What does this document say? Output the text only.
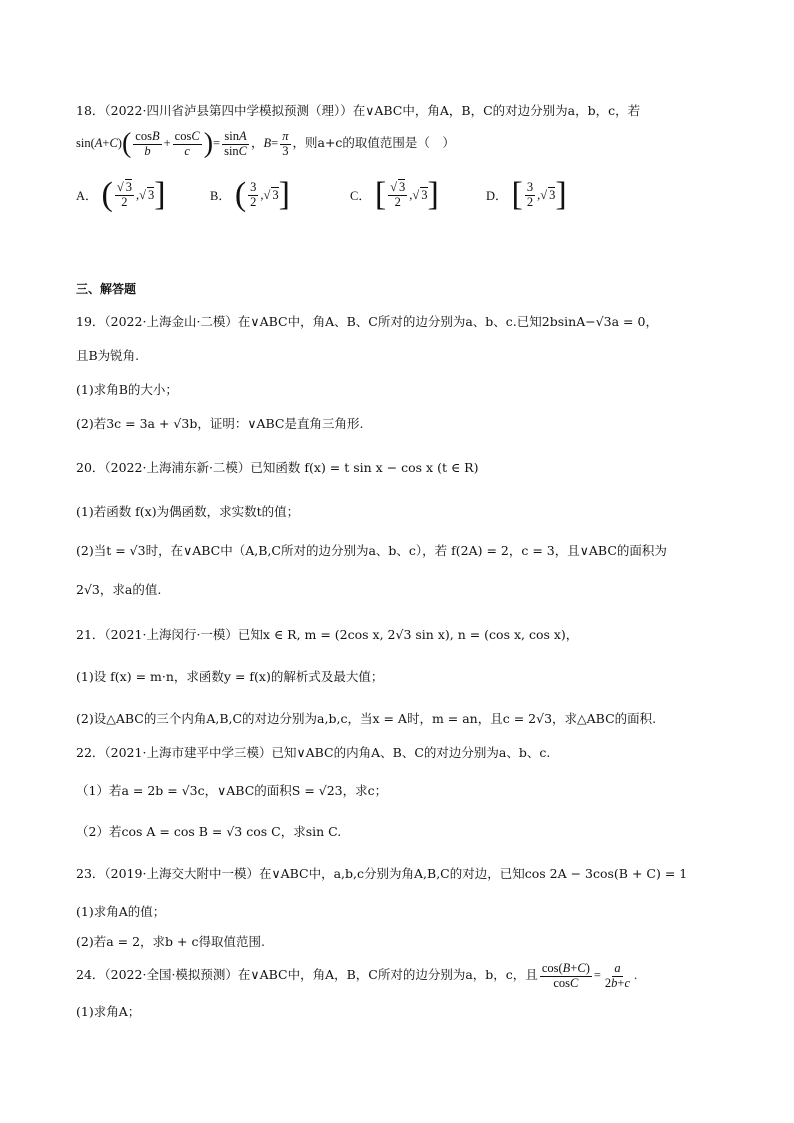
18．（2022·四川省泸县第四中学模拟预测（理））在∨ABC中，角A，B，C的对边分别为a，b，c，若
$\sin(A+C)( \frac{\cos B}{b} + \frac{\cos C}{c}$ )= $\frac{\sin A}{\sin C}$ ，$B= \frac{\pi}{3}$ ，则a+c的取值范围是（　）
A． ( $\frac{√ 3}{2}$ ,√ 3 ]	B． ( $\frac{3}{2}$ ,√ 3 ]	C． [ $\frac{√ 3}{2}$ ,√ 3 ]	D． [ $\frac{3}{2}$ ,√ 3 ]
三、解答题
19．（2022·上海金山·二模）在∨ABC中，角A、B、C所对的边分别为a、b、c.已知2bsinA−√3a = 0，
且B为锐角.
(1)求角B的大小；
(2)若3c = 3a + √3b，证明：∨ABC是直角三角形.
20．（2022·上海浦东新·二模）已知函数 f(x) = t sin x − cos x (t ∈ R)
(1)若函数 f(x)为偶函数，求实数t的值；
(2)当t = √3时，在∨ABC中（A,B,C所对的边分别为a、b、c），若 f(2A) = 2，c = 3，且∨ABC的面积为
2√3，求a的值.
21．（2021·上海闵行·一模）已知x ∈ R, m = (2cos x, 2√3 sin x), n = (cos x, cos x)，
(1)设 f(x) = m·n，求函数y = f(x)的解析式及最大值；
(2)设△ABC的三个内角A,B,C的对边分别为a,b,c，当x = A时，m = an，且c = 2√3，求△ABC的面积.
22．（2021·上海市建平中学三模）已知∨ABC的内角A、B、C的对边分别为a、b、c.
（1）若a = 2b = √3c，∨ABC的面积S = √23，求c；
（2）若cos A = cos B = √3 cos C，求sin C.
23．（2019·上海交大附中一模）在∨ABC中，a,b,c分别为角A,B,C的对边，已知cos 2A − 3cos(B + C) = 1
(1)求角A的值；
(2)若a = 2，求b + c得取值范围.
24．（2022·全国·模拟预测）在∨ABC中，角A，B，C所对的边分别为a，b，c，且 $\frac{\cos(B+C)}{\cos C} = \frac{a}{2b+c}$ .
(1)求角A；
